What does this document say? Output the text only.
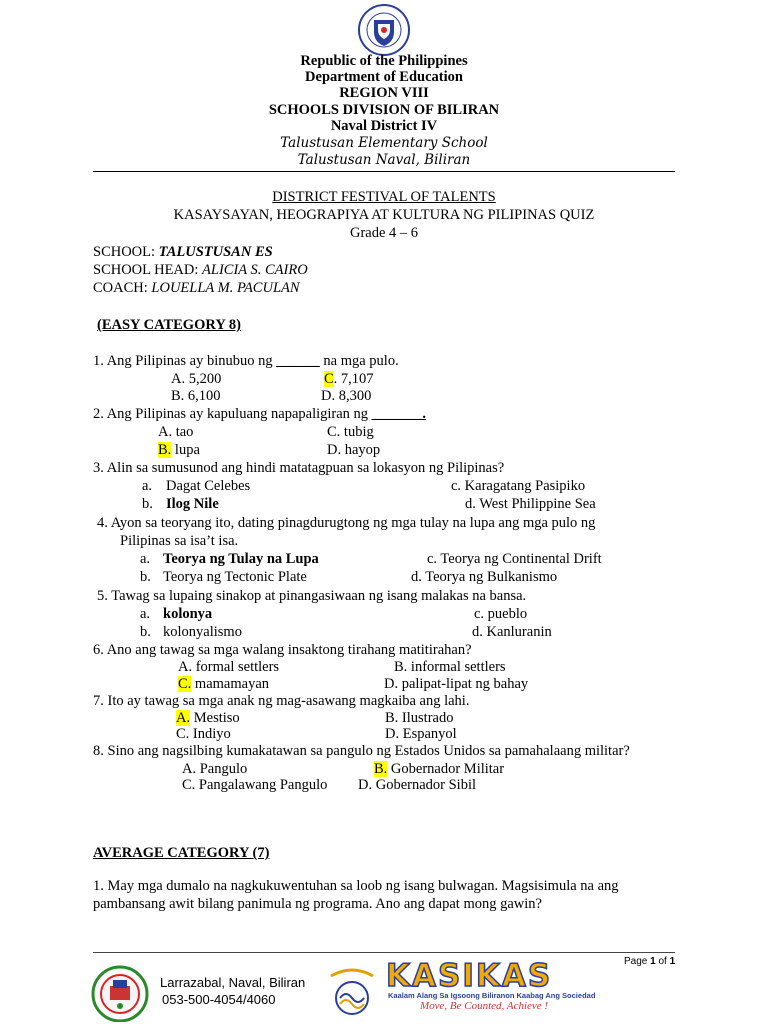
Republic of the Philippines
Department of Education
REGION VIII
SCHOOLS DIVISION OF BILIRAN
Naval District IV
Talustusan Elementary School
Talustusan Naval, Biliran
DISTRICT FESTIVAL OF TALENTS
KASAYSAYAN, HEOGRAPIYA AT KULTURA NG PILIPINAS QUIZ
Grade 4 – 6
SCHOOL: TALUSTUSAN ES
SCHOOL HEAD: ALICIA S. CAIRO
COACH: LOUELLA M. PACULAN
(EASY CATEGORY 8)
1. Ang Pilipinas ay binubuo ng ______ na mga pulo.
A. 5,200	C. 7,107
B. 6,100	D. 8,300
2. Ang Pilipinas ay kapuluang napapaligiran ng _______.
A. tao	C. tubig
B. lupa	D. hayop
3. Alin sa sumusunod ang hindi matatagpuan sa lokasyon ng Pilipinas?
a. Dagat Celebes	c. Karagatang Pasipiko
b. Ilog Nile	d. West Philippine Sea
4. Ayon sa teoryang ito, dating pinagdurugtong ng mga tulay na lupa ang mga pulo ng
Pilipinas sa isa’t isa.
a. Teorya ng Tulay na Lupa	c. Teorya ng Continental Drift
b. Teorya ng Tectonic Plate	d. Teorya ng Bulkanismo
5. Tawag sa lupaing sinakop at pinangasiwaan ng isang malakas na bansa.
a. kolonya	c. pueblo
b. kolonyalismo	d. Kanluranin
6. Ano ang tawag sa mga walang insaktong tirahang matitirahan?
A. formal settlers	B. informal settlers
C. mamamayan	D. palipat-lipat ng bahay
7. Ito ay tawag sa mga anak ng mag-asawang magkaiba ang lahi.
A. Mestiso	B. Ilustrado
C. Indiyo	D. Espanyol
8. Sino ang nagsilbing kumakatawan sa pangulo ng Estados Unidos sa pamahalaang militar?
A. Pangulo	B. Gobernador Militar
C. Pangalawang Pangulo D. Gobernador Sibil
AVERAGE CATEGORY (7)
1. May mga dumalo na nagkukuwentuhan sa loob ng isang bulwagan. Magsisimula na ang
pambansang awit bilang panimula ng programa. Ano ang dapat mong gawin?
Page 1 of 1
Larrazabal, Naval, Biliran
053-500-4054/4060
KASIKAS
Kaalam Alang Sa Igsoong Biliranon Kaabag Ang Sociedad
Move, Be Counted, Achieve !
